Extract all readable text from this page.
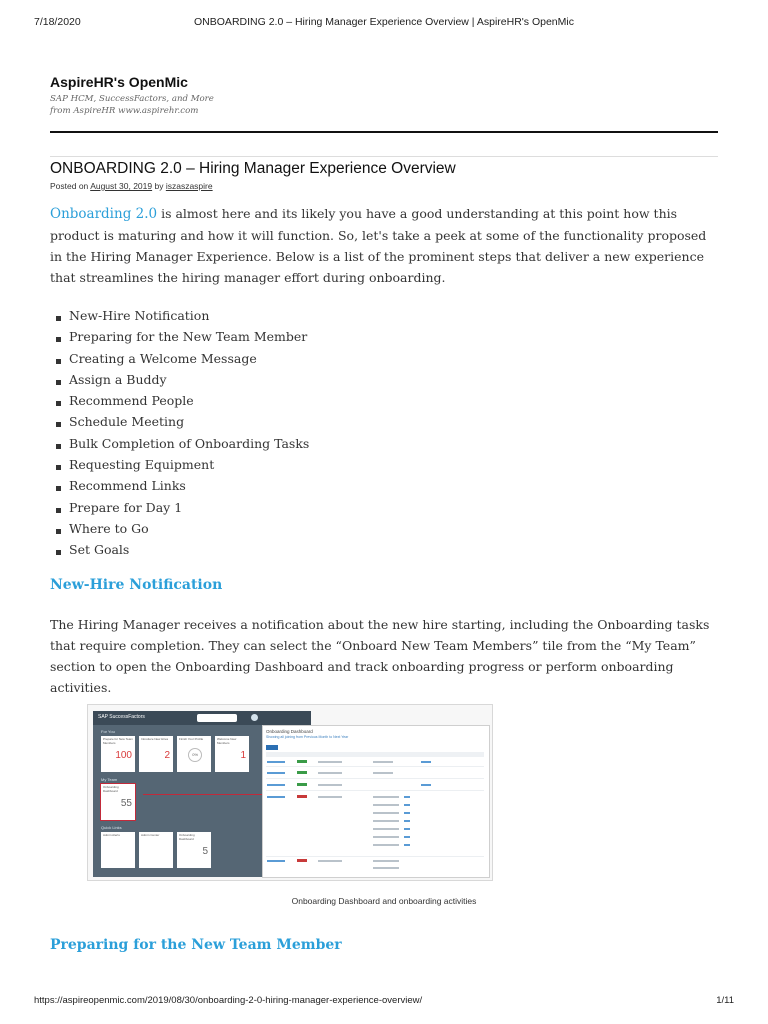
7/18/2020	ONBOARDING 2.0 – Hiring Manager Experience Overview | AspireHR's OpenMic
AspireHR's OpenMic
SAP HCM, SuccessFactors, and More
from AspireHR www.aspirehr.com
ONBOARDING 2.0 – Hiring Manager Experience Overview
Posted on August 30, 2019 by iszaszaspire

Onboarding 2.0 is almost here and its likely you have a good understanding at this point how this product is maturing and how it will function. So, let's take a peek at some of the functionality proposed in the Hiring Manager Experience. Below is a list of the prominent steps that deliver a new experience that streamlines the hiring manager effort during onboarding.

New-Hire Notification
Preparing for the New Team Member
Creating a Welcome Message
Assign a Buddy
Recommend People
Schedule Meeting
Bulk Completion of Onboarding Tasks
Requesting Equipment
Recommend Links
Prepare for Day 1
Where to Go
Set Goals
New-Hire Notification

The Hiring Manager receives a notification about the new hire starting, including the Onboarding tasks that require completion. They can select the “Onboard New Team Members” tile from the “My Team” section to open the Onboarding Dashboard and track onboarding progress or perform onboarding activities.

SAP SuccessFactors
For You
Prepare for New Team Members
100
Introduce New Hires
2
Finish Your Profile
0%
Welcome New Members
1
My Team
Onboarding Dashboard
55
Quick Links
Admin Alerts	Admin Center	Onboarding Dashboard
5
Onboarding Dashboard
Showing all joining from Previous Month to Next Year
Onboarding Dashboard and onboarding activities
Preparing for the New Team Member
https://aspireopenmic.com/2019/08/30/onboarding-2-0-hiring-manager-experience-overview/	1/11
